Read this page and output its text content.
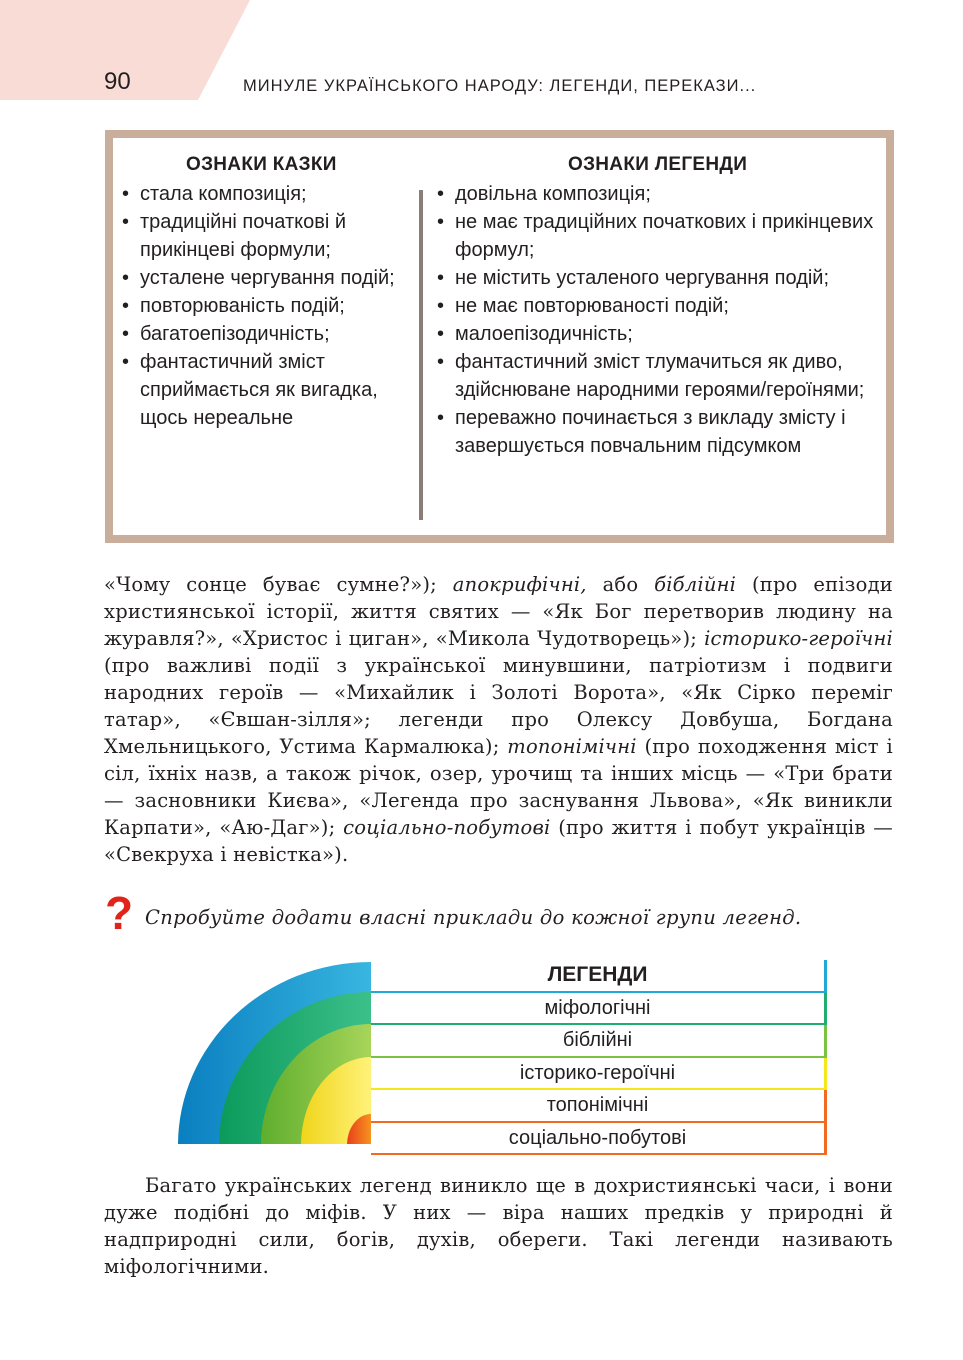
90	МИНУЛЕ УКРАЇНСЬКОГО НАРОДУ: ЛЕГЕНДИ, ПЕРЕКАЗИ...
ОЗНАКИ КАЗКИ
• стала композиція;
• традиційні початкові й прикінцеві формули;
• усталене чергування подій;
• повторюваність подій;
• багатоепізодичність;
• фантастичний зміст сприймається як вигадка, щось нереальне
ОЗНАКИ ЛЕГЕНДИ
• довільна композиція;
• не має традиційних початкових і прикінцевих формул;
• не містить усталеного чергування подій;
• не має повторюваності подій;
• малоепізодичність;
• фантастичний зміст тлумачиться як диво, здійснюване народними героями/героїнями;
• переважно починається з викладу змісту і завершується повчальним підсумком
«Чому сонце буває сумне?»); апокрифічні, або біблійні (про епізоди християнської історії, життя святих — «Як Бог перетворив людину на журавля?», «Христос і циган», «Микола Чудотворець»); історико-героїчні (про важливі події з української минувшини, патріотизм і подвиги народних героїв — «Михайлик і Золоті Ворота», «Як Сірко переміг татар», «Євшан-зілля»; легенди про Олексу Довбуша, Богдана Хмельницького, Устима Кармалюка); топонімічні (про походження міст і сіл, їхніх назв, а також річок, озер, урочищ та інших місць — «Три брати — засновники Києва», «Легенда про заснування Львова», «Як виникли Карпати», «Аю-Даг»); соціально-побутові (про життя і побут українців — «Свекруха і невістка»).
? Спробуйте додати власні приклади до кожної групи легенд.
ЛЕГЕНДИ
міфологічні
біблійні
історико-героїчні
топонімічні
соціально-побутові
Багато українських легенд виникло ще в дохристиянські часи, і вони дуже подібні до міфів. У них — віра наших предків у природні й надприродні сили, богів, духів, обереги. Такі легенди називають міфологічними.
